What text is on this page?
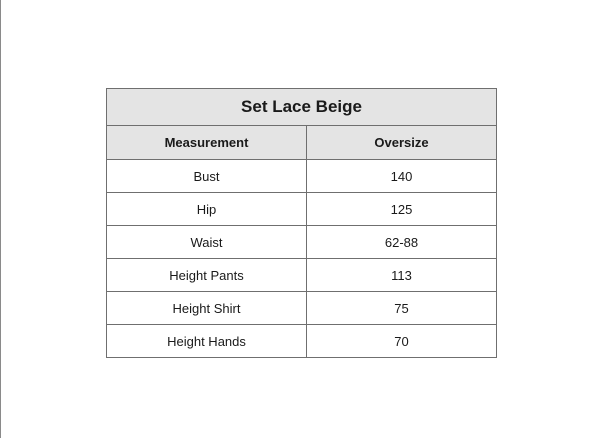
Set Lace Beige	
Measurement	Oversize
Bust	140
Hip	125
Waist	62-88
Height Pants	113
Height Shirt	75
Height Hands	70
